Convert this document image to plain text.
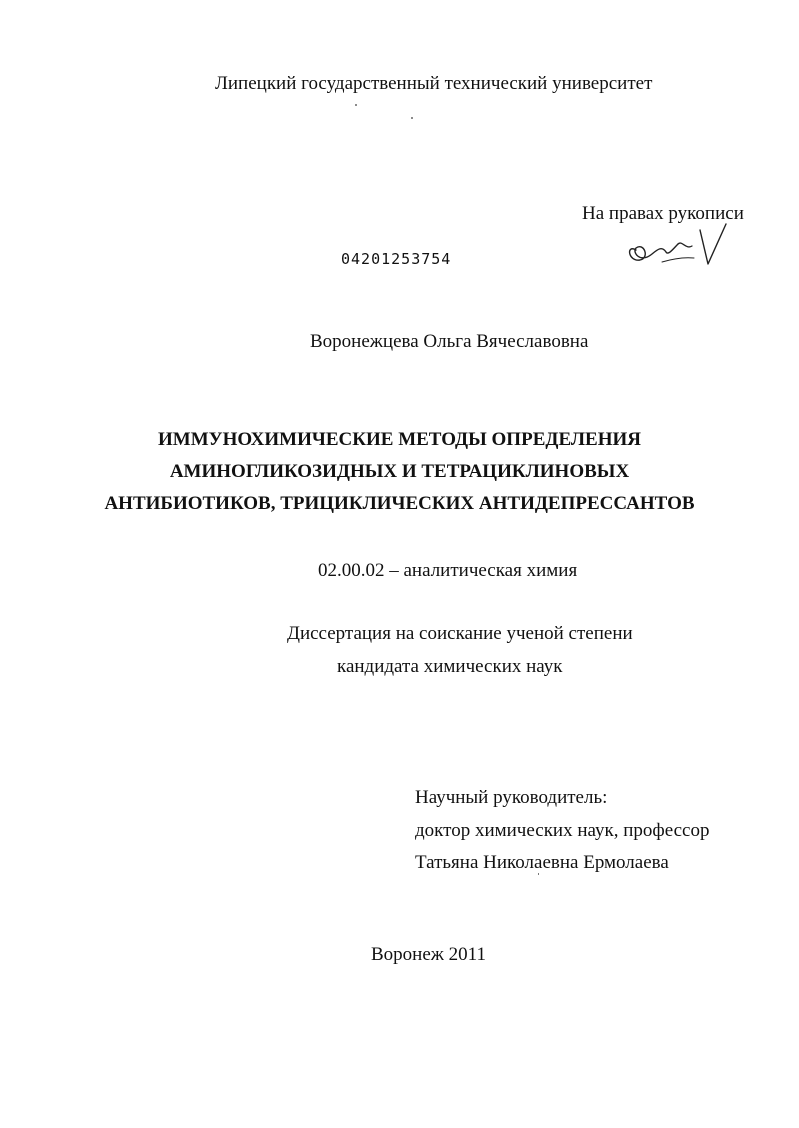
Липецкий государственный технический университет
На правах рукописи
04201253754
Воронежцева Ольга Вячеславовна
ИММУНОХИМИЧЕСКИЕ МЕТОДЫ ОПРЕДЕЛЕНИЯ
АМИНОГЛИКОЗИДНЫХ И ТЕТРАЦИКЛИНОВЫХ
АНТИБИОТИКОВ, ТРИЦИКЛИЧЕСКИХ АНТИДЕПРЕССАНТОВ
02.00.02 – аналитическая химия
Диссертация на соискание ученой степени
кандидата химических наук
Научный руководитель:
доктор химических наук, профессор
Татьяна Николаевна Ермолаева
Воронеж 2011
